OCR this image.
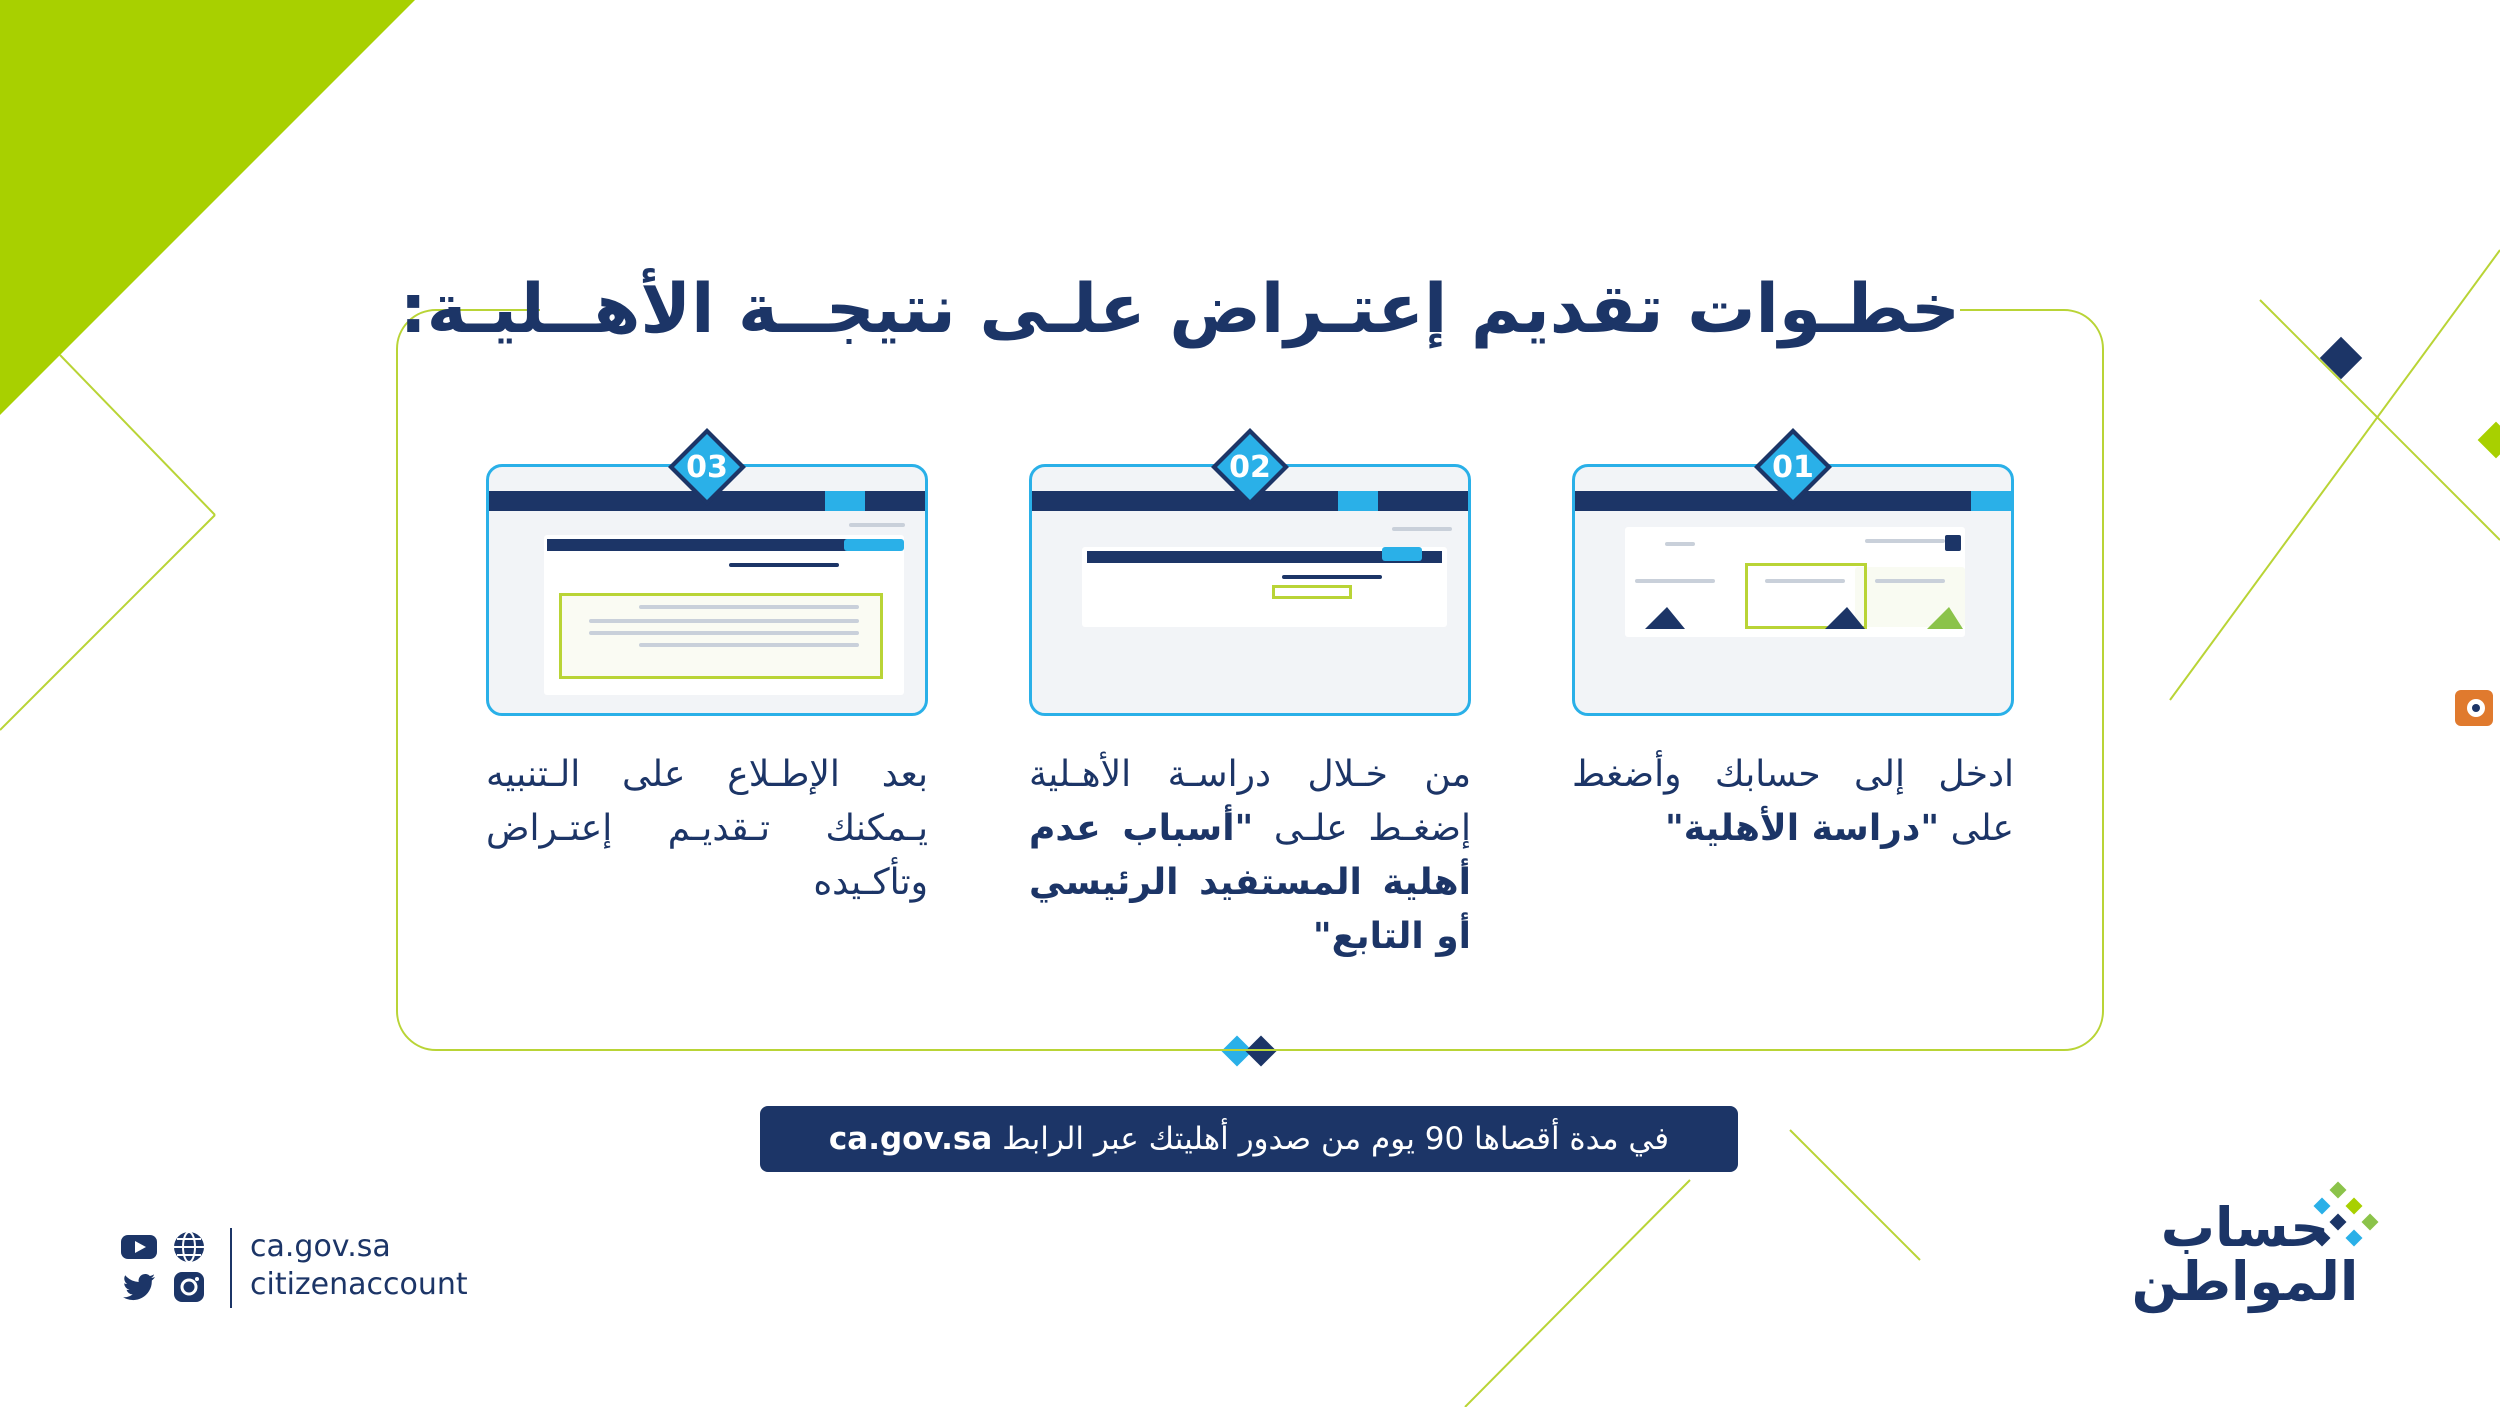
خطـوات تقديم إعتـراض علـى نتيجــة الأهــليـة:
01
ادخل إلى حسابك وأضغط على "دراسة الأهلية"
02
من خـلال دراسـة الأهـلية إضغـط علـى "أسباب عدم أهلية المستفيد الرئيسي أو التابع"
03
بعد الإطـلاع على الـتنبيه يـمكنك تـقديـم إعتـراض وتأكـيده
في مدة أقصاها 90 يوم من صدور أهليتك عبر الرابط ca.gov.sa
ca.gov.sa
citizenaccount
حساب
المواطن
